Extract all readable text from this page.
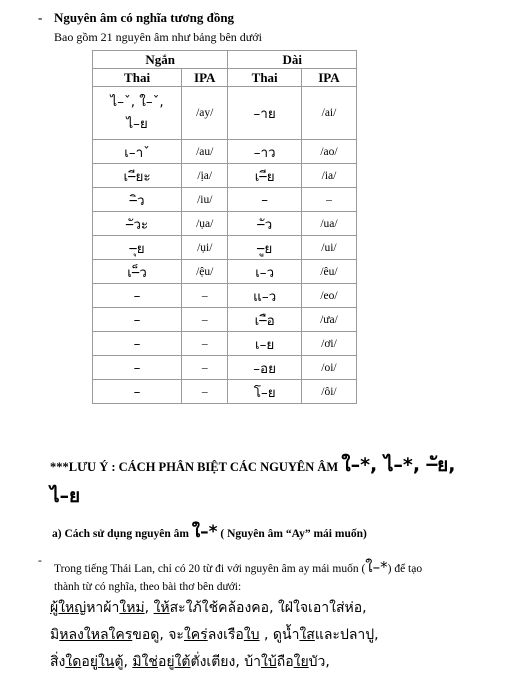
- Nguyên âm có nghĩa tương đồng
Bao gồm 21 nguyên âm như bảng bên dưới
Ngắn		Dài	
Thai	IPA	Thai	IPA

ไ–ˇ, ใ–ˇ,
ไ–ย	/ay/	–าย	/ai/
เ–าˇ	/au/	–าว	/ao/
เ–ียะ	/ịa/	เ–ีย	/ia/
–ิว	/iu/	–	–
–ัวะ	/ụa/	–ัว	/ua/
–ุย	/ụi/	–ูย	/ui/
เ–็ว	/ệu/	เ–ว	/êu/
–	–	แ–ว	/eo/
–	–	เ–ือ	/ưa/
–	–	เ–ย	/ơi/
–	–	–อย	/oi/
–	–	โ–ย	/ôi/
***LƯU Ý : CÁCH PHÂN BIỆT CÁC NGUYÊN ÂM ใ–*, ไ–*, –ัย,
ไ–ย
a) Cách sử dụng nguyên âm ใ–* ( Nguyên âm “Ay” mái muốn)
-
Trong tiếng Thái Lan, chỉ có 20 từ đi với nguyên âm ay mái muốn (ใ–*) để tạo
thành từ có nghĩa, theo bài thơ bên dưới:
ผู้ใหญ่หาผ้าใหม่, ให้สะใภ้ใช้คล้องคอ, ใฝ่ใจเอาใส่ห่อ,
มิหลงใหลใครขอดู, จะใคร่ลงเรือใบ , ดูน้ำใสและปลาปู,
สิ่งใดอยู่ในตู้, มิใช่อยู่ใต้ตั่งเตียง, บ้าใบ้ถือใยบัว,
